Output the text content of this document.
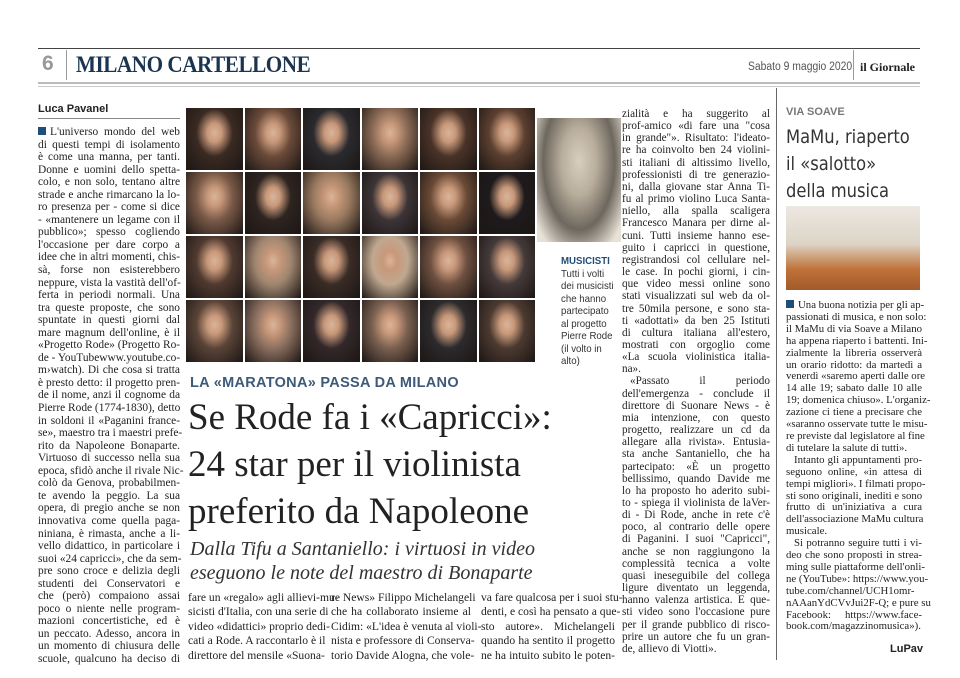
6 MILANO CARTELLONE	Sabato 9 maggio 2020 il Giornale
Luca Pavanel
L'universo mondo del web
di questi tempi di isolamento
è come una manna, per tanti.
Donne e uomini dello spetta-
colo, e non solo, tentano altre
strade e anche rimarcano la lo-
ro presenza per - come si dice
- «mantenere un legame con il
pubblico»; spesso cogliendo
l'occasione per dare corpo a
idee che in altri momenti, chis-
sà, forse non esisterebbero
neppure, vista la vastità dell'of-
ferta in periodi normali. Una
tra queste proposte, che sono
spuntate in questi giorni dal
mare magnum dell'online, è il
«Progetto Rode» (Progetto Ro-
de - YouTubewww.youtube.co-
m›watch). Di che cosa si tratta
è presto detto: il progetto pren-
de il nome, anzi il cognome da
Pierre Rode (1774-1830), detto
in soldoni il «Paganini france-
se», maestro tra i maestri prefe-
rito da Napoleone Bonaparte.
Virtuoso di successo nella sua
epoca, sfidò anche il rivale Nic-
colò da Genova, probabilmen-
te avendo la peggio. La sua
opera, di pregio anche se non
innovativa come quella paga-
niniana, è rimasta, anche a li-
vello didattico, in particolare i
suoi «24 capricci», che da sem-
pre sono croce e delizia degli
studenti dei Conservatori e
che (però) compaiono assai
poco o niente nelle program-
mazioni concertistiche, ed è
un peccato. Adesso, ancora in
un momento di chiusura delle
scuole, qualcuno ha deciso di
fare un «regalo» agli allievi-mu-
sicisti d'Italia, con una serie di
video «didattici» proprio dedi-
cati a Rode. A raccontarlo è il
direttore del mensile «Suona-
re News» Filippo Michelangeli
che ha collaborato insieme al
Cidim: «L'idea è venuta al violi-
nista e professore di Conserva-
torio Davide Alogna, che vole-
va fare qualcosa per i suoi stu-
denti, e così ha pensato a que-
sto autore». Michelangeli
quando ha sentito il progetto
ne ha intuito subito le poten-
zialità e ha suggerito al
prof-amico «di fare una "cosa
in grande"». Risultato: l'ideato-
re ha coinvolto ben 24 violini-
sti italiani di altissimo livello,
professionisti di tre generazio-
ni, dalla giovane star Anna Ti-
fu al primo violino Luca Santa-
niello, alla spalla scaligera
Francesco Manara per dirne al-
cuni. Tutti insieme hanno ese-
guito i capricci in questione,
registrandosi col cellulare nel-
le case. In pochi giorni, i cin-
que video messi online sono
stati visualizzati sul web da ol-
tre 50mila persone, e sono sta-
ti «adottati» da ben 25 Istituti
di cultura italiana all'estero,
mostrati con orgoglio come
«La scuola violinistica italia-
na».
«Passato il periodo
dell'emergenza - conclude il
direttore di Suonare News - è
mia intenzione, con questo
progetto, realizzare un cd da
allegare alla rivista». Entusia-
sta anche Santaniello, che ha
partecipato: «È un progetto
bellissimo, quando Davide me
lo ha proposto ho aderito subi-
to - spiega il violinista de laVer-
di - Di Rode, anche in rete c'è
poco, al contrario delle opere
di Paganini. I suoi "Capricci",
anche se non raggiungono la
complessità tecnica a volte
quasi ineseguibile del collega
ligure diventato un leggenda,
hanno valenza artistica. E que-
sti video sono l'occasione pure
per il grande pubblico di risco-
prire un autore che fu un gran-
de, allievo di Viotti».
MUSICISTI
Tutti i volti dei musicisti che hanno partecipato al progetto Pierre Rode (il volto in alto)
LA «MARATONA» PASSA DA MILANO
Se Rode fa i «Capricci»:
24 star per il violinista
preferito da Napoleone
Dalla Tifu a Santaniello: i virtuosi in video
eseguono le note del maestro di Bonaparte
VIA SOAVE
MaMu, riaperto
il «salotto»
della musica
Una buona notizia per gli ap-
passionati di musica, e non solo:
il MaMu di via Soave a Milano
ha appena riaperto i battenti. Ini-
zialmente la libreria osserverà
un orario ridotto: da martedì a
venerdì «saremo aperti dalle ore
14 alle 19; sabato dalle 10 alle
19; domenica chiuso». L'organiz-
zazione ci tiene a precisare che
«saranno osservate tutte le misu-
re previste dal legislatore al fine
di tutelare la salute di tutti».
Intanto gli appuntamenti pro-
seguono online, «in attesa di
tempi migliori». I filmati propo-
sti sono originali, inediti e sono
frutto di un'iniziativa a cura
dell'associazione MaMu cultura
musicale.
Si potranno seguire tutti i vi-
deo che sono proposti in strea-
ming sulle piattaforme dell'onli-
ne (YouTube»: https://www.you-
tube.com/channel/UCH1omr-
nAAanYdCVvJui2F-Q; e pure su
Facebook: https://www.face-
book.com/magazzinomusica»).
LuPav
